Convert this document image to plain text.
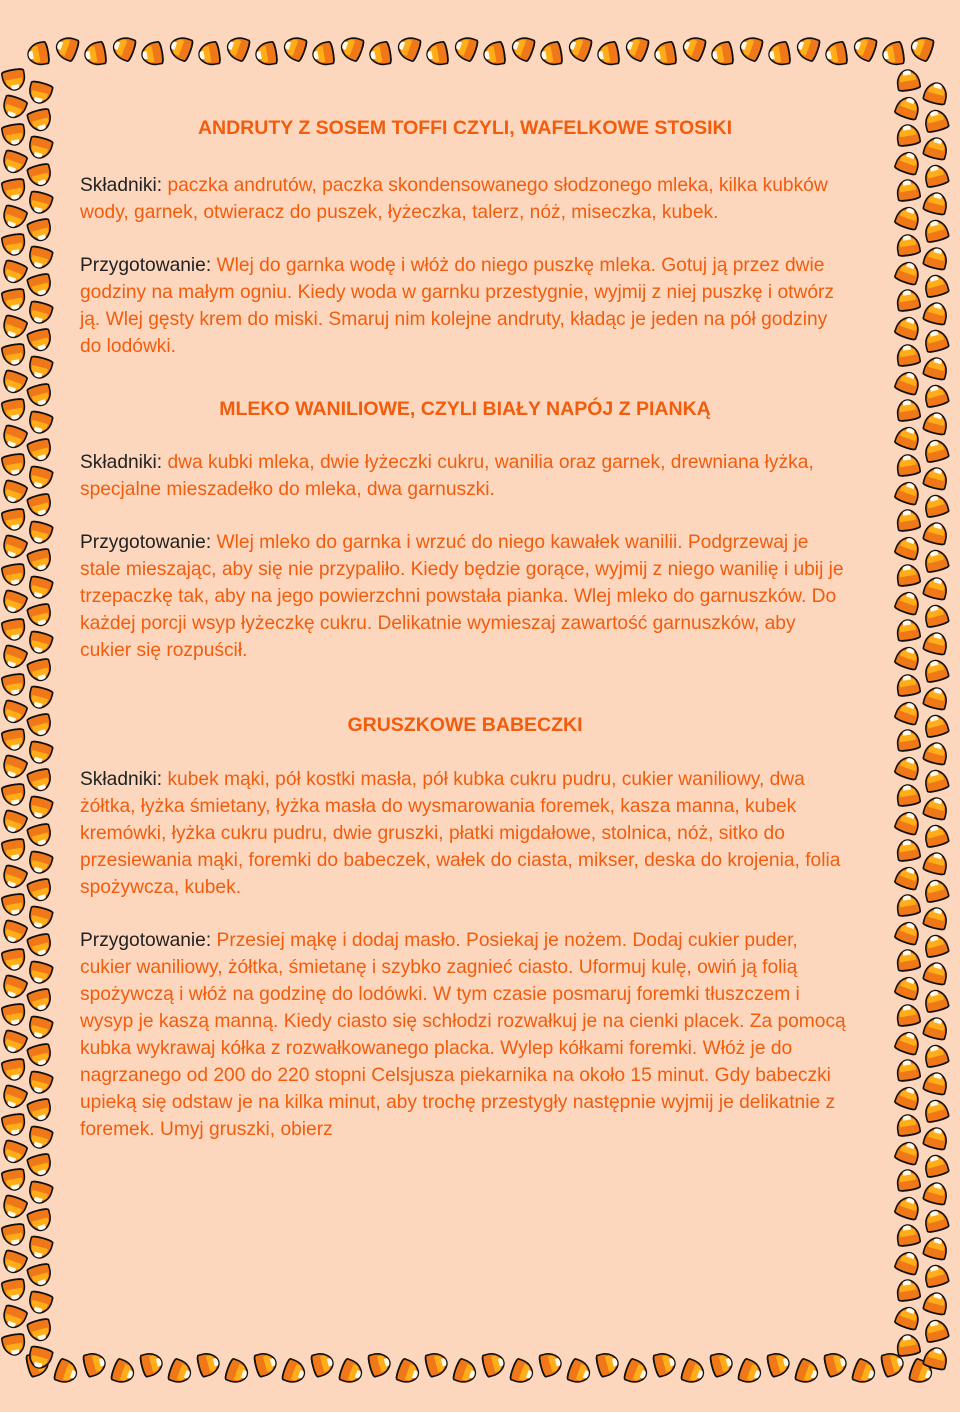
ANDRUTY Z SOSEM TOFFI CZYLI, WAFELKOWE STOSIKI

Składniki: paczka andrutów, paczka skondensowanego słodzonego mleka, kilka kubków wody, garnek, otwieracz do puszek, łyżeczka, talerz, nóż, miseczka, kubek.

Przygotowanie: Wlej do garnka wodę i włóż do niego puszkę mleka. Gotuj ją przez dwie godziny na małym ogniu. Kiedy woda w garnku przestygnie, wyjmij z niej puszkę i otwórz ją. Wlej gęsty krem do miski. Smaruj nim kolejne andruty, kładąc je jeden na pół godziny do lodówki.

MLEKO WANILIOWE, CZYLI BIAŁY NAPÓJ Z PIANKĄ

Składniki: dwa kubki mleka, dwie łyżeczki cukru, wanilia oraz garnek, drewniana łyżka, specjalne mieszadełko do mleka, dwa garnuszki.

Przygotowanie: Wlej mleko do garnka i wrzuć do niego kawałek wanilii. Podgrzewaj je stale mieszając, aby się nie przypaliło. Kiedy będzie gorące, wyjmij z niego wanilię i ubij je trzepaczkę tak, aby na jego powierzchni powstała pianka. Wlej mleko do garnuszków. Do każdej porcji wsyp łyżeczkę cukru. Delikatnie wymieszaj zawartość garnuszków, aby cukier się rozpuścił.

GRUSZKOWE BABECZKI

Składniki: kubek mąki, pół kostki masła, pół kubka cukru pudru, cukier waniliowy, dwa żółtka, łyżka śmietany, łyżka masła do wysmarowania foremek, kasza manna, kubek kremówki, łyżka cukru pudru, dwie gruszki, płatki migdałowe, stolnica, nóż, sitko do przesiewania mąki, foremki do babeczek, wałek do ciasta, mikser, deska do krojenia, folia spożywcza, kubek.

Przygotowanie: Przesiej mąkę i dodaj masło. Posiekaj je nożem. Dodaj cukier puder, cukier waniliowy, żółtka, śmietanę i szybko zagnieć ciasto. Uformuj kulę, owiń ją folią spożywczą i włóż na godzinę do lodówki. W tym czasie posmaruj foremki tłuszczem i wysyp je kaszą manną. Kiedy ciasto się schłodzi rozwałkuj je na cienki placek. Za pomocą kubka wykrawaj kółka z rozwałkowanego placka. Wylep kółkami foremki. Włóż je do nagrzanego od 200 do 220 stopni Celsjusza piekarnika na około 15 minut. Gdy babeczki upieką się odstaw je na kilka minut, aby trochę przestygły następnie wyjmij je delikatnie z foremek. Umyj gruszki, obierz
